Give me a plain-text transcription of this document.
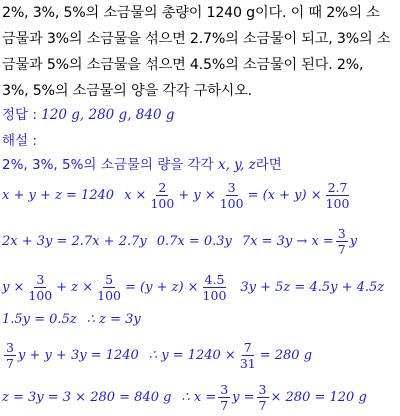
2%, 3%, 5%의 소금물의 총량이 1240 g이다. 이 때 2%의 소
금물과 3%의 소금물을 섞으면 2.7%의 소금물이 되고, 3%의 소
금물과 5%의 소금물을 섞으면 4.5%의 소금물이 된다. 2%,
3%, 5%의 소금물의 양을 각각 구하시오.
정답 : 120 g, 280 g, 840 g
해설 :
2%, 3%, 5%의 소금물의 량을 각각 x, y, z라면
x + y + z = 1240 $x \times \frac{2}{100} + y \times \frac{3}{100} = (x + y) \times \frac{2.7}{100}$
2x + 3y = 2.7x + 2.7y 0.7x = 0.3y $7x = 3y \to x = \frac{3}{7}$ y
$y \times \frac{3}{100} + z \times \frac{5}{100} = (y + z) \times \frac{4.5}{100} 3y + 5z = 4.5y + 4.5z$
1.5y = 0.5z ∴ z = 3y
3
7
y + y + 3y = 1240 ∴ $y = 1240 \times \frac{7}{31} = 280$ g
z = 3y = 3 × 280 = 840 g ∴ $x = \frac{3}{7}$ $y = \frac{3}{7} \times 280 = 120$ g
